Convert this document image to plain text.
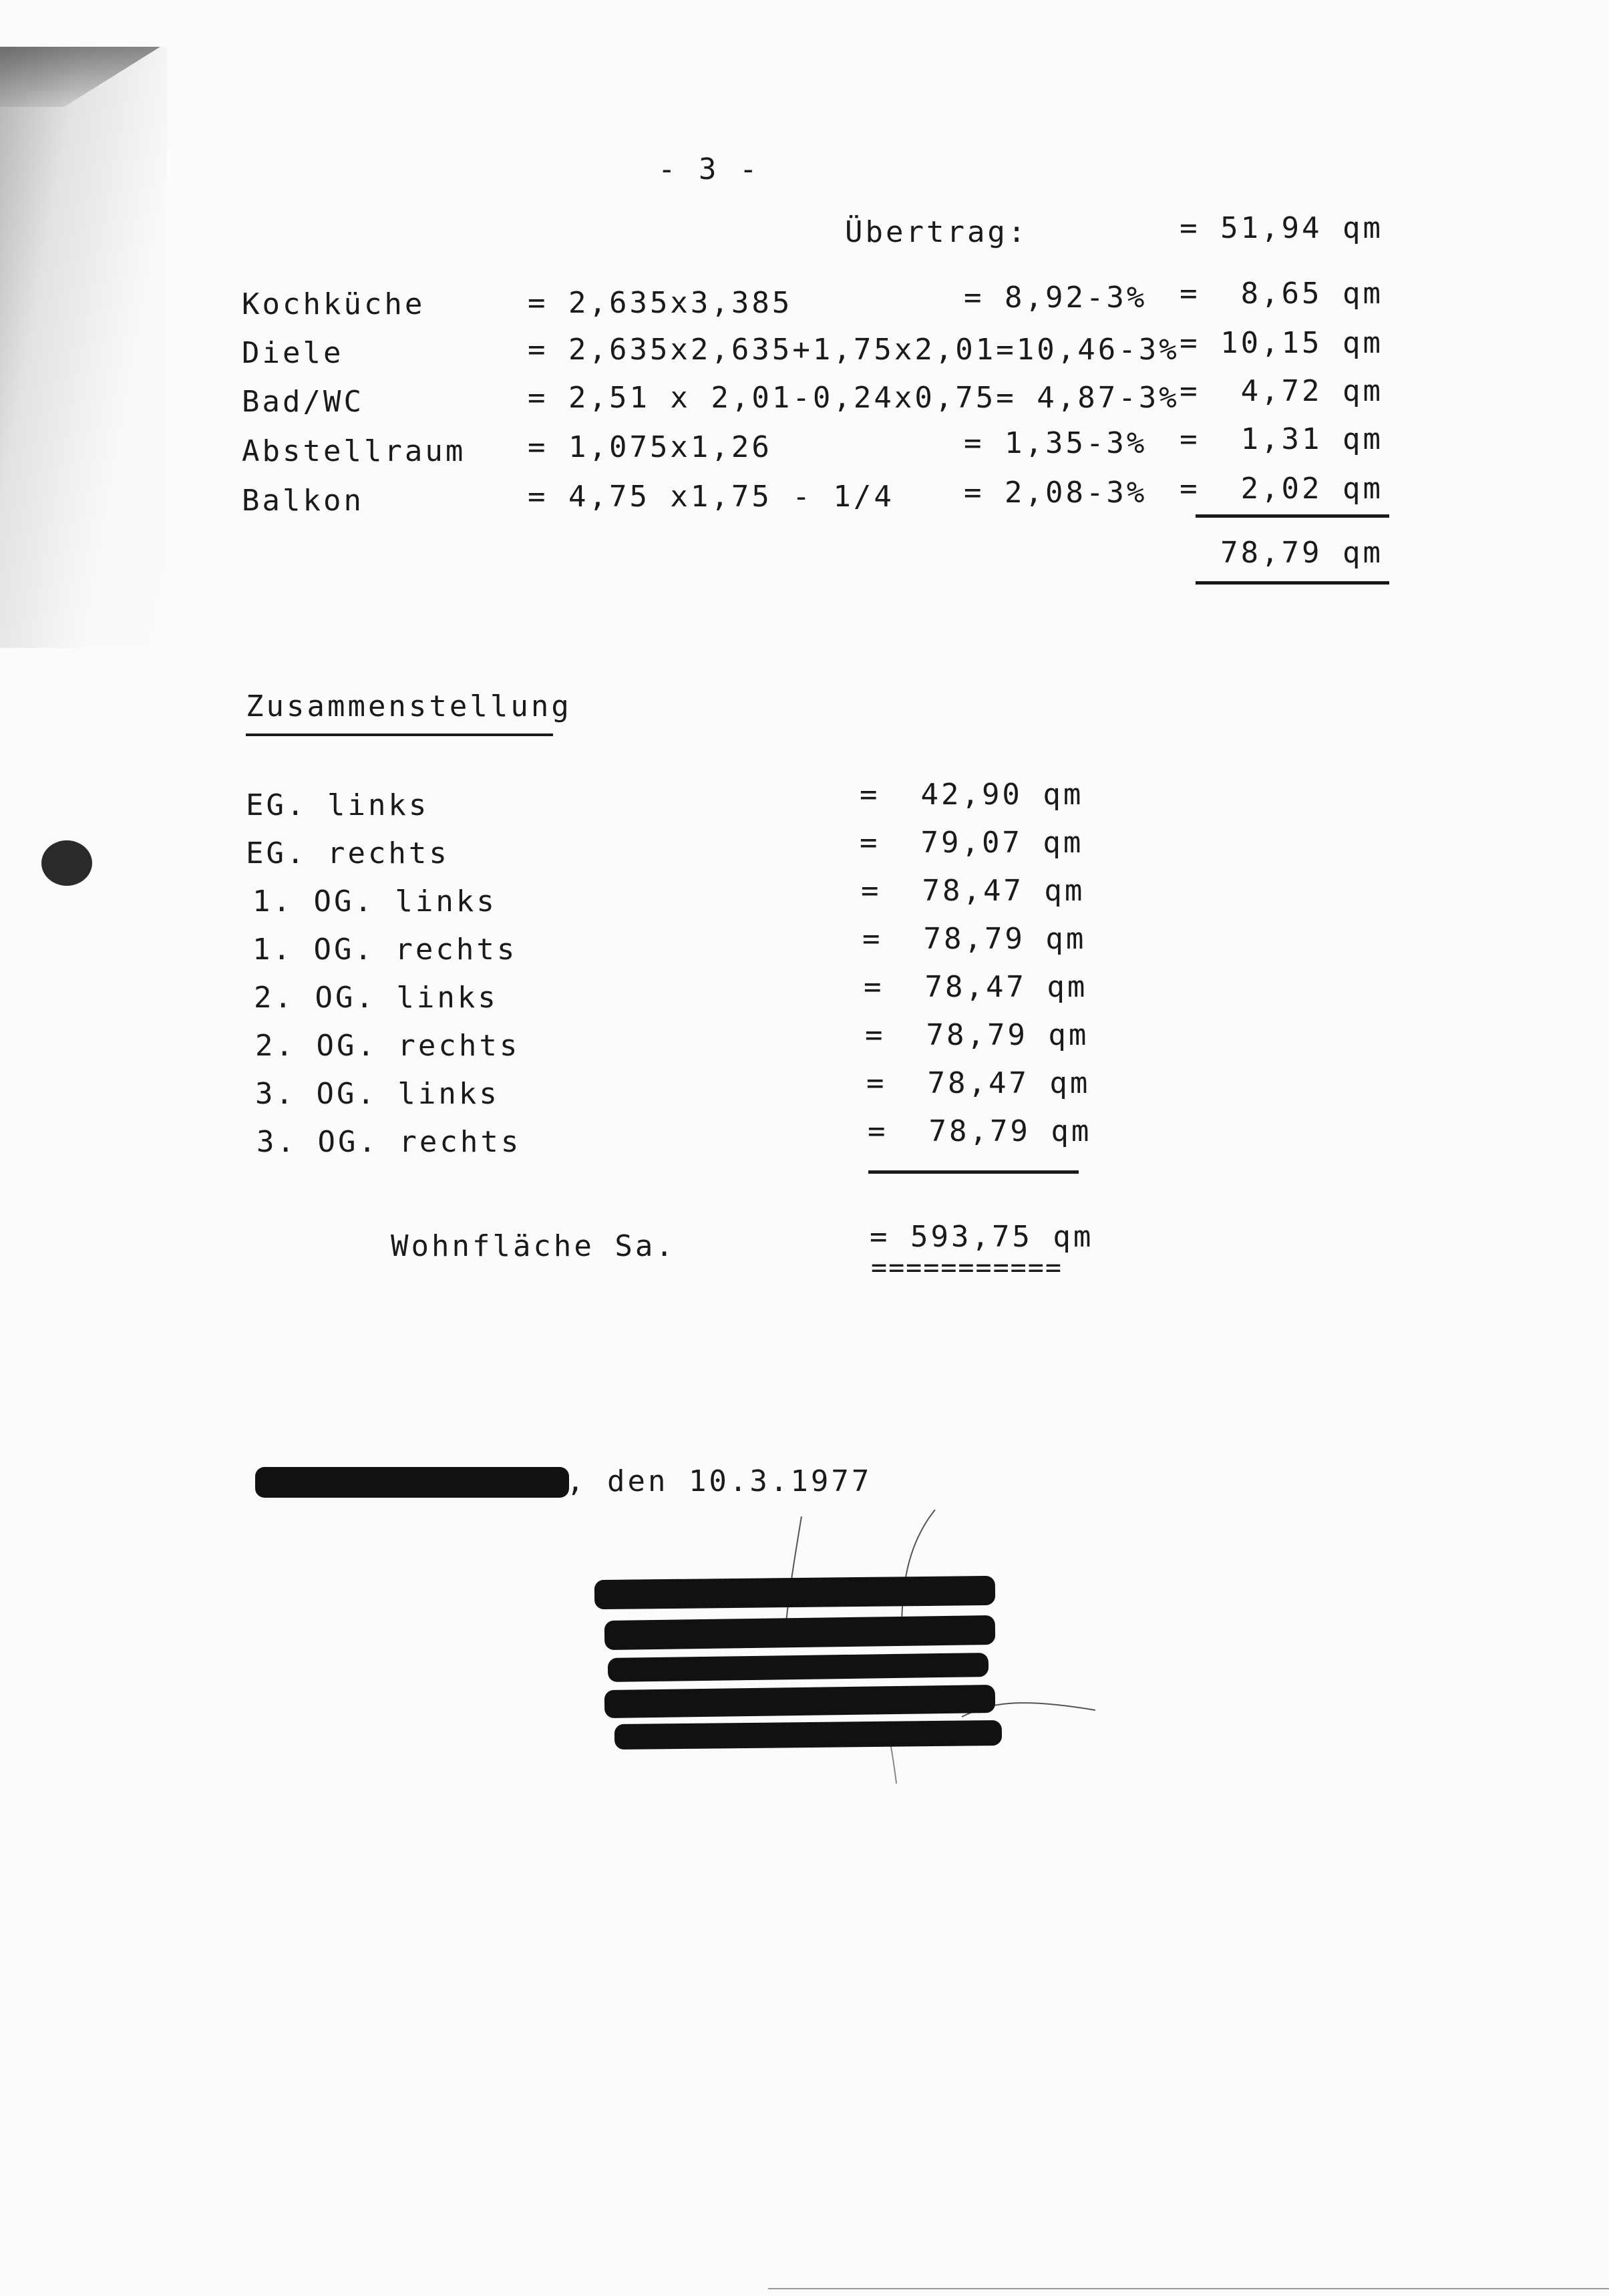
- 3 -
Übertrag:	= 51,94 qm
Kochküche	= 2,635x3,385	= 8,92-3% =  8,65 qm
Diele	= 2,635x2,635+1,75x2,01=10,46-3% = 10,15 qm
Bad/WC	= 2,51 x 2,01-0,24x0,75= 4,87-3% =  4,72 qm
Abstellraum = 1,075x1,26	= 1,35-3% =  1,31 qm
Balkon	= 4,75 x1,75 - 1/4 = 2,08-3% =  2,02 qm
78,79 qm
Zusammenstellung
EG. links	=  42,90 qm
EG. rechts	=  79,07 qm
1. OG. links	=  78,47 qm
1. OG. rechts	=  78,79 qm
2. OG. links	=  78,47 qm
2. OG. rechts	=  78,79 qm
3. OG. links	=  78,47 qm
3. OG. rechts	=  78,79 qm
Wohnfläche Sa.	= 593,75 qm
===========
, den 10.3.1977
